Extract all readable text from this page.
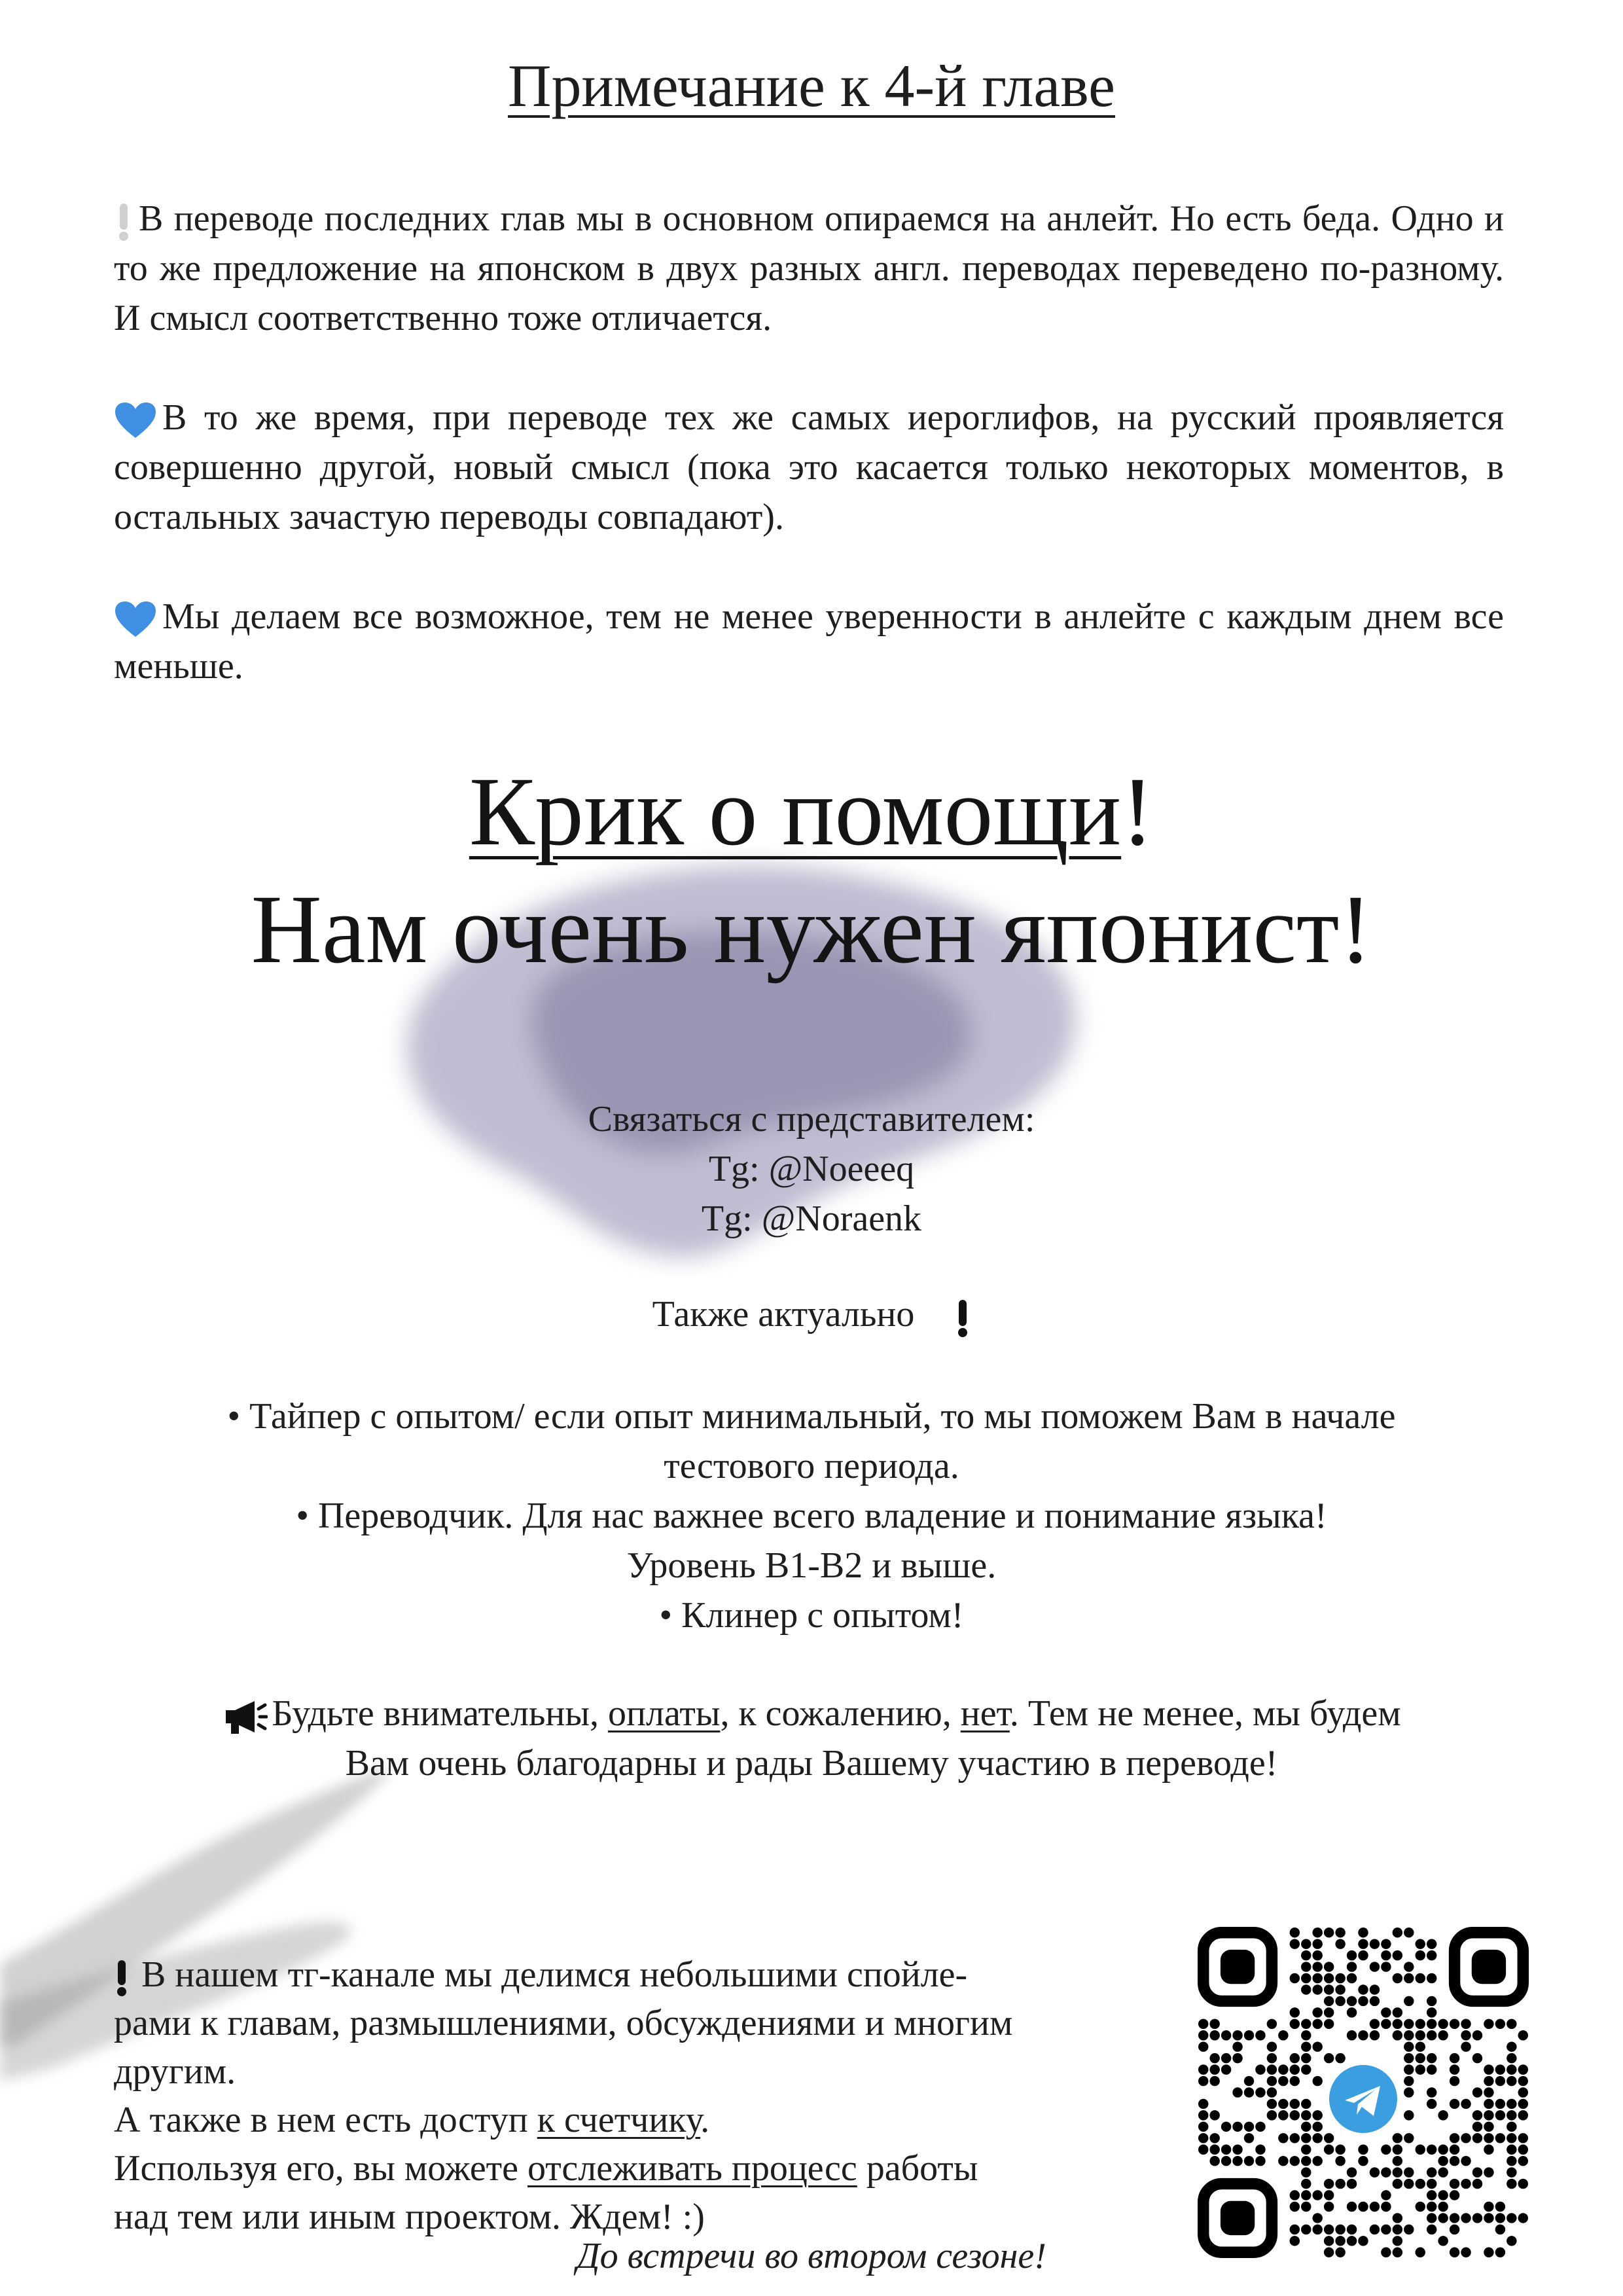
Примечание к 4-й главе
В переводе последних глав мы в основном опираемся на анлейт. Но есть беда. Одно и то же предложение на японском в двух разных англ. переводах переведено по-разному. И смысл соответственно тоже отличается.
В то же время, при переводе тех же самых иероглифов, на русский проявляется совершенно другой, новый смысл (пока это касается только некоторых моментов, в остальных зачастую переводы совпадают).
Мы делаем все возможное, тем не менее уверенности в анлейте с каждым днем все меньше.
Крик о помощи!
Нам очень нужен японист!
Связаться с представителем:
Tg: @Noeeeq
Tg: @Noraenk
Также актуально
• Тайпер с опытом/ если опыт минимальный, то мы поможем Вам в начале
тестового периода.
• Переводчик. Для нас важнее всего владение и понимание языка!
Уровень В1-В2 и выше.
• Клинер с опытом!
Будьте внимательны, оплаты, к сожалению, нет. Тем не менее, мы будем
Вам очень благодарны и рады Вашему участию в переводе!
В нашем тг-канале мы делимся небольшими спойле-
рами к главам, размышлениями, обсуждениями и многим
другим.
А также в нем есть доступ к счетчику.
Используя его, вы можете отслеживать процесс работы
над тем или иным проектом. Ждем! :)
До встречи во втором сезоне!
